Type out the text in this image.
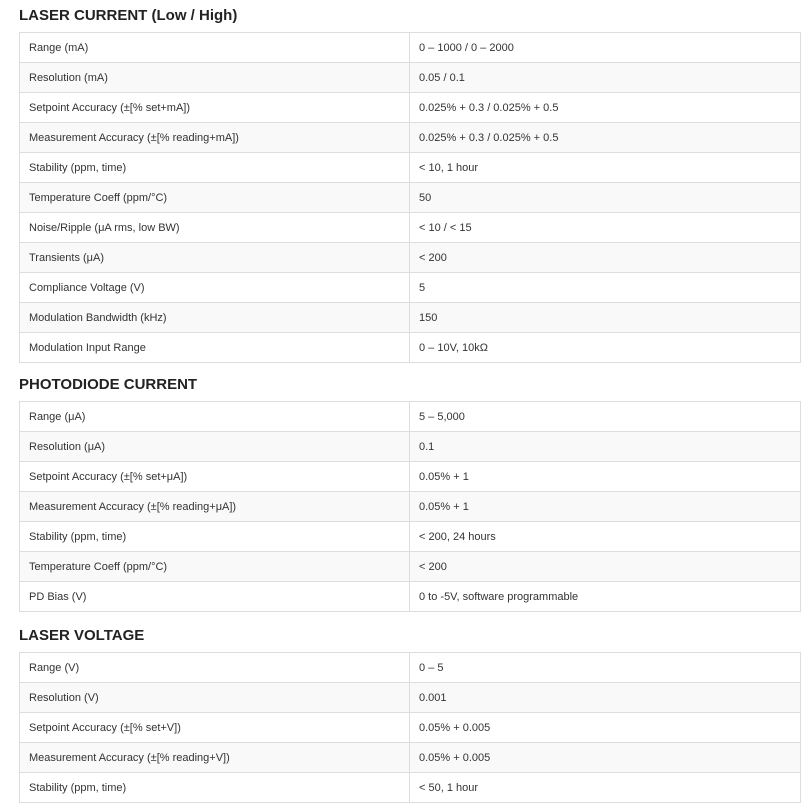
LASER CURRENT (Low / High)
Range (mA)	0 – 1000 / 0 – 2000
Resolution (mA)	0.05 / 0.1
Setpoint Accuracy (±[% set+mA])	0.025% + 0.3 / 0.025% + 0.5
Measurement Accuracy (±[% reading+mA])	0.025% + 0.3 / 0.025% + 0.5
Stability (ppm, time)	< 10, 1 hour
Temperature Coeff (ppm/°C)	50
Noise/Ripple (μA rms, low BW)	< 10 / < 15
Transients (μA)	< 200
Compliance Voltage (V)	5
Modulation Bandwidth (kHz)	150
Modulation Input Range	0 – 10V, 10kΩ
PHOTODIODE CURRENT
Range (μA)	5 – 5,000
Resolution (μA)	0.1
Setpoint Accuracy (±[% set+μA])	0.05% + 1
Measurement Accuracy (±[% reading+μA])	0.05% + 1
Stability (ppm, time)	< 200, 24 hours
Temperature Coeff (ppm/°C)	< 200
PD Bias (V)	0 to -5V, software programmable
LASER VOLTAGE
Range (V)	0 – 5
Resolution (V)	0.001
Setpoint Accuracy (±[% set+V])	0.05% + 0.005
Measurement Accuracy (±[% reading+V])	0.05% + 0.005
Stability (ppm, time)	< 50, 1 hour
